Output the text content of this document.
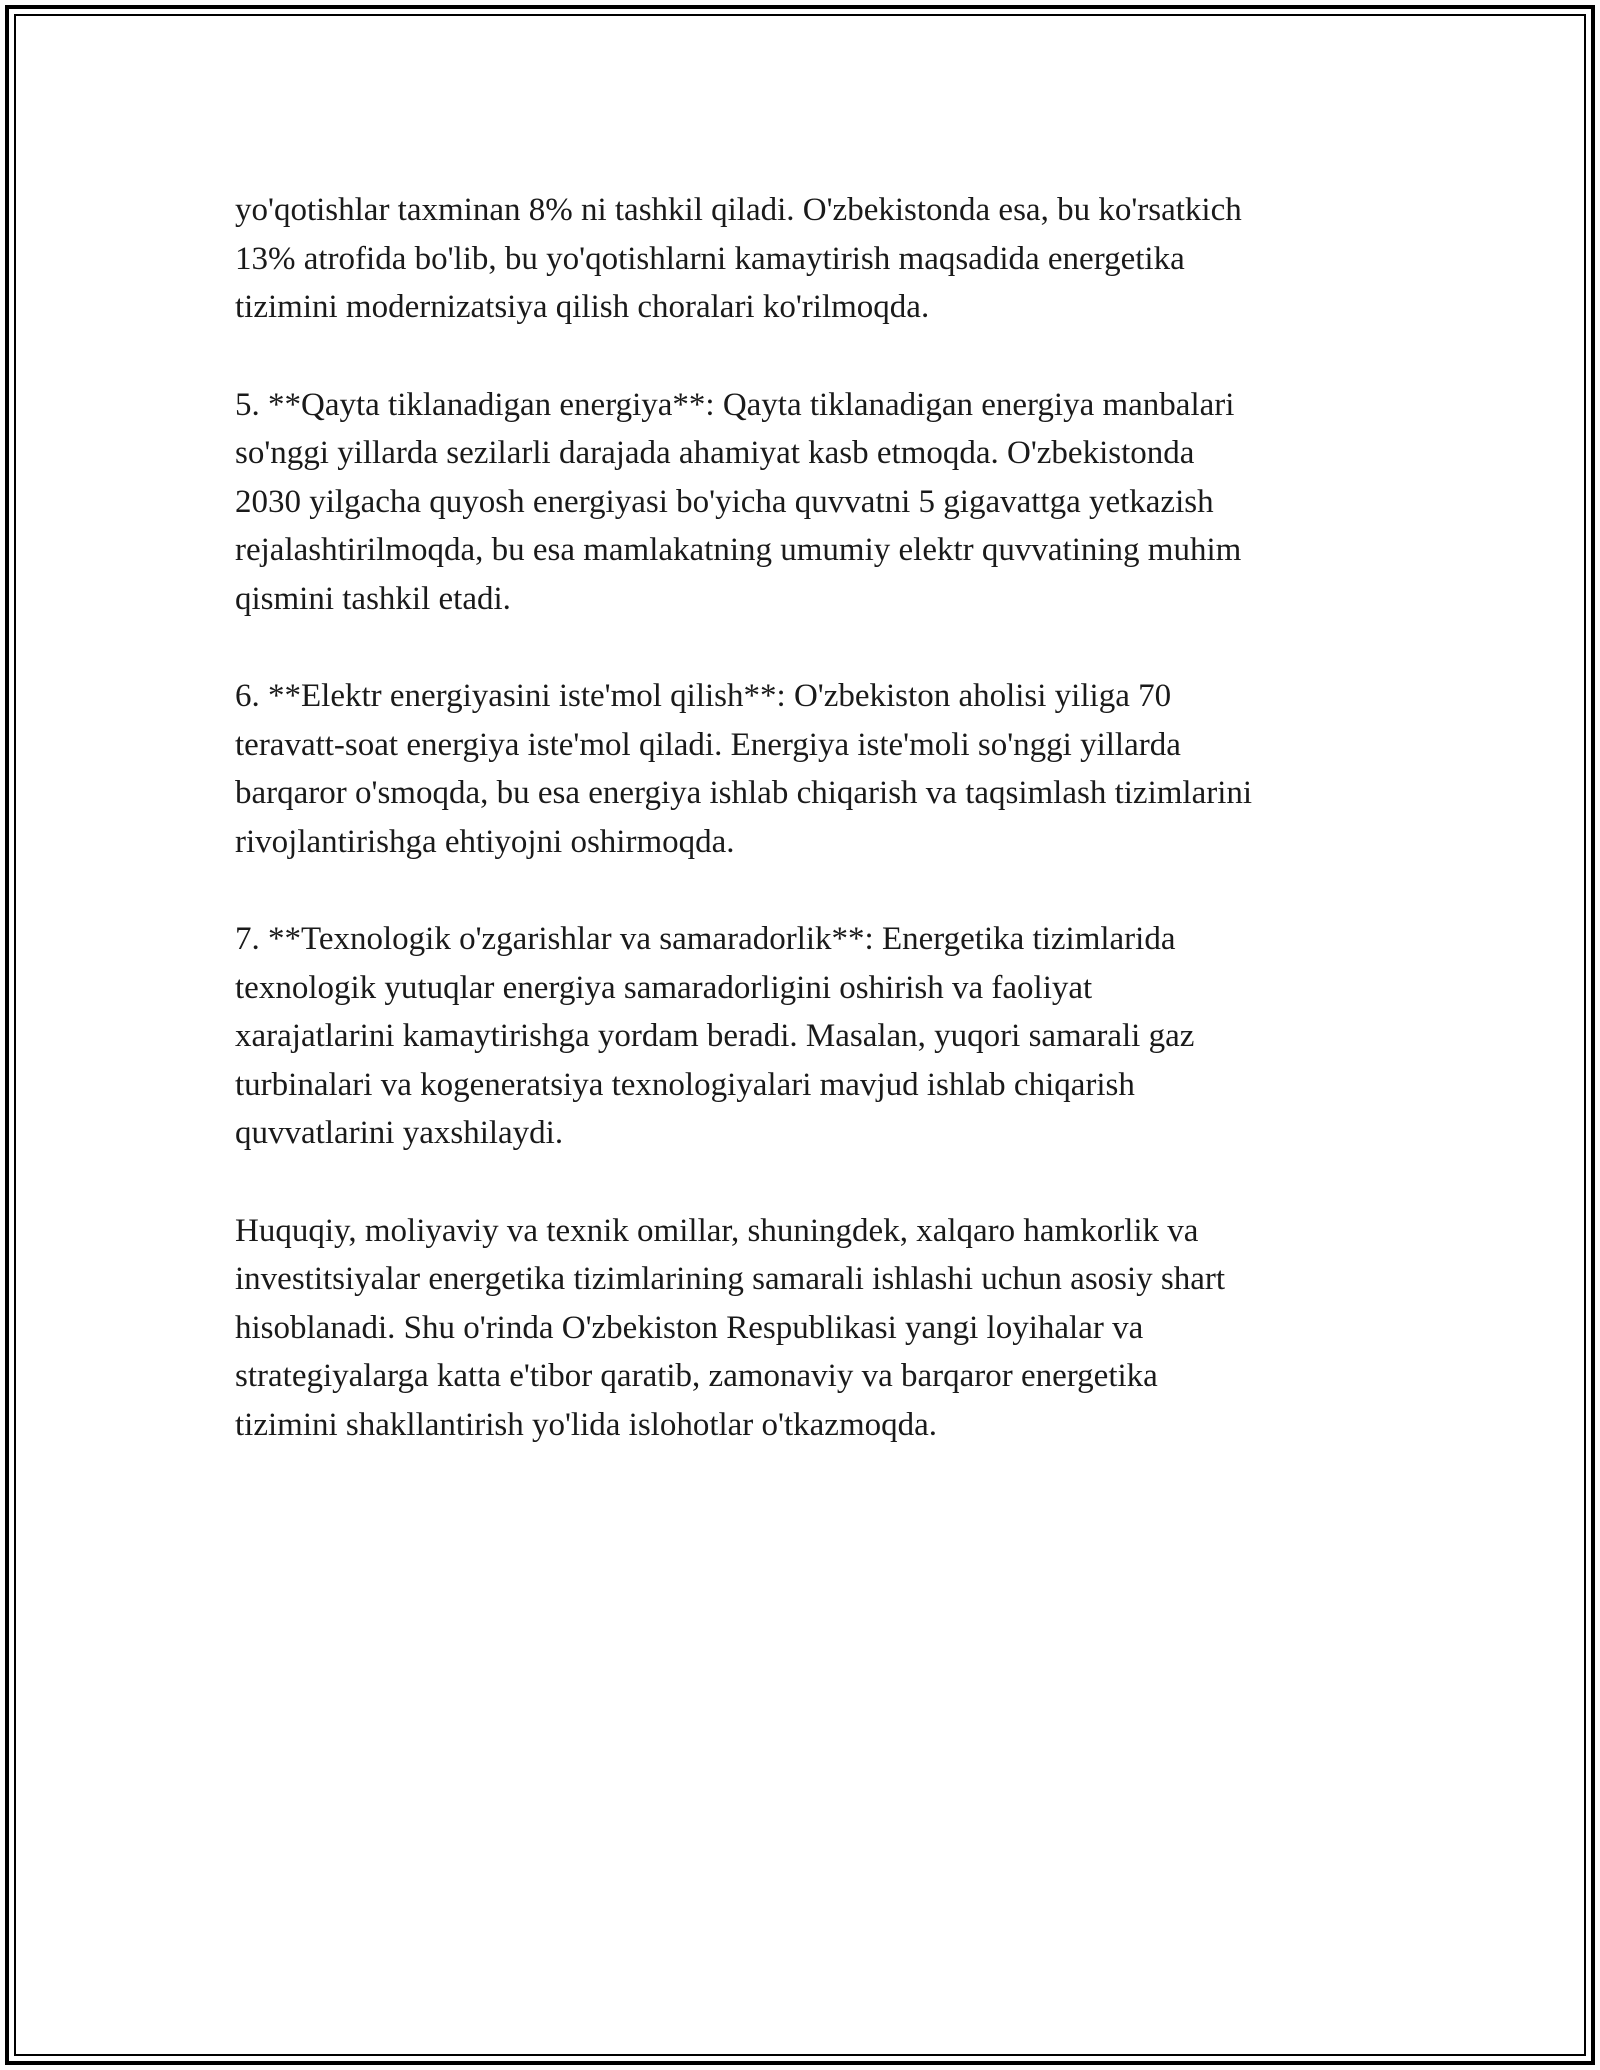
yo'qotishlar taxminan 8% ni tashkil qiladi. O'zbekistonda esa, bu ko'rsatkich
13% atrofida bo'lib, bu yo'qotishlarni kamaytirish maqsadida energetika
tizimini modernizatsiya qilish choralari ko'rilmoqda.

5. **Qayta tiklanadigan energiya**: Qayta tiklanadigan energiya manbalari
so'nggi yillarda sezilarli darajada ahamiyat kasb etmoqda. O'zbekistonda
2030 yilgacha quyosh energiyasi bo'yicha quvvatni 5 gigavattga yetkazish
rejalashtirilmoqda, bu esa mamlakatning umumiy elektr quvvatining muhim
qismini tashkil etadi.

6. **Elektr energiyasini iste'mol qilish**: O'zbekiston aholisi yiliga 70
teravatt-soat energiya iste'mol qiladi. Energiya iste'moli so'nggi yillarda
barqaror o'smoqda, bu esa energiya ishlab chiqarish va taqsimlash tizimlarini
rivojlantirishga ehtiyojni oshirmoqda.

7. **Texnologik o'zgarishlar va samaradorlik**: Energetika tizimlarida
texnologik yutuqlar energiya samaradorligini oshirish va faoliyat
xarajatlarini kamaytirishga yordam beradi. Masalan, yuqori samarali gaz
turbinalari va kogeneratsiya texnologiyalari mavjud ishlab chiqarish
quvvatlarini yaxshilaydi.

Huquqiy, moliyaviy va texnik omillar, shuningdek, xalqaro hamkorlik va
investitsiyalar energetika tizimlarining samarali ishlashi uchun asosiy shart
hisoblanadi. Shu o'rinda O'zbekiston Respublikasi yangi loyihalar va
strategiyalarga katta e'tibor qaratib, zamonaviy va barqaror energetika
tizimini shakllantirish yo'lida islohotlar o'tkazmoqda.
